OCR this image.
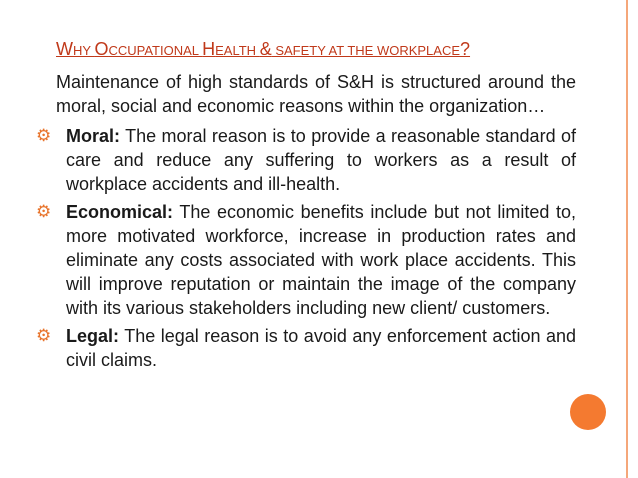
WHY OCCUPATIONAL HEALTH & SAFETY AT THE WORKPLACE?
Maintenance of high standards of S&H is structured around the moral, social and economic reasons within the organization…
⚙ Moral: The moral reason is to provide a reasonable standard of care and reduce any suffering to workers as a result of workplace accidents and ill-health.
⚙ Economical: The economic benefits include but not limited to, more motivated workforce, increase in production rates and eliminate any costs associated with work place accidents. This will improve reputation or maintain the image of the company with its various stakeholders including new client/ customers.
⚙ Legal: The legal reason is to avoid any enforcement action and civil claims.
